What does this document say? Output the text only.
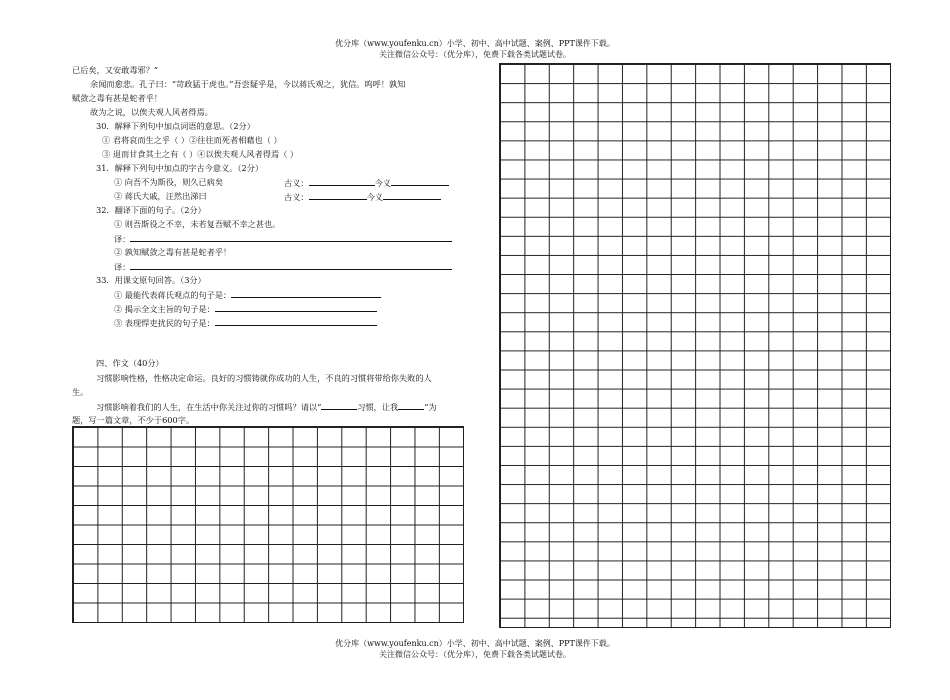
优分库（www.youfenku.cn）小学、初中、高中试题、案例、PPT课件下载。
关注微信公众号：（优分库），免费下载各类试题试卷。
已后矣，又安敢毒邪？”
余闻而愈悲。孔子曰：“苛政猛于虎也。”吾尝疑乎是，今以蒋氏观之，犹信。呜呼！孰知
赋敛之毒有甚是蛇者乎！
故为之说，以俟夫观人风者得焉。
30．解释下列句中加点词语的意思。（2分）
① 君将哀而生之乎（ ）②往往而死者相藉也（ ）
③ 退而甘食其土之有（ ）④以俟夫观人风者得焉（ ）
31．解释下列句中加点的字古今意义。（2分）
① 向吾不为斯役，则久已病矣	古义：	今义
② 蒋氏大戚，汪然出涕曰	古义：	今义
32．翻译下面的句子。（2分）
① 则吾斯役之不幸，未若复吾赋不幸之甚也。
译：
② 孰知赋敛之毒有甚是蛇者乎！
译：
33．用课文原句回答。（3分）
① 最能代表蒋氏观点的句子是：
② 揭示全文主旨的句子是：
③ 表现悍吏扰民的句子是：
四、作文（40分）
习惯影响性格，性格决定命运。良好的习惯铸就你成功的人生，不良的习惯将带给你失败的人
生。
习惯影响着我们的人生，在生活中你关注过你的习惯吗？请以“	习惯，让我	”为
题，写一篇文章，不少于600字。
优分库（www.youfenku.cn）小学、初中、高中试题、案例、PPT课件下载。
关注微信公众号：（优分库），免费下载各类试题试卷。
